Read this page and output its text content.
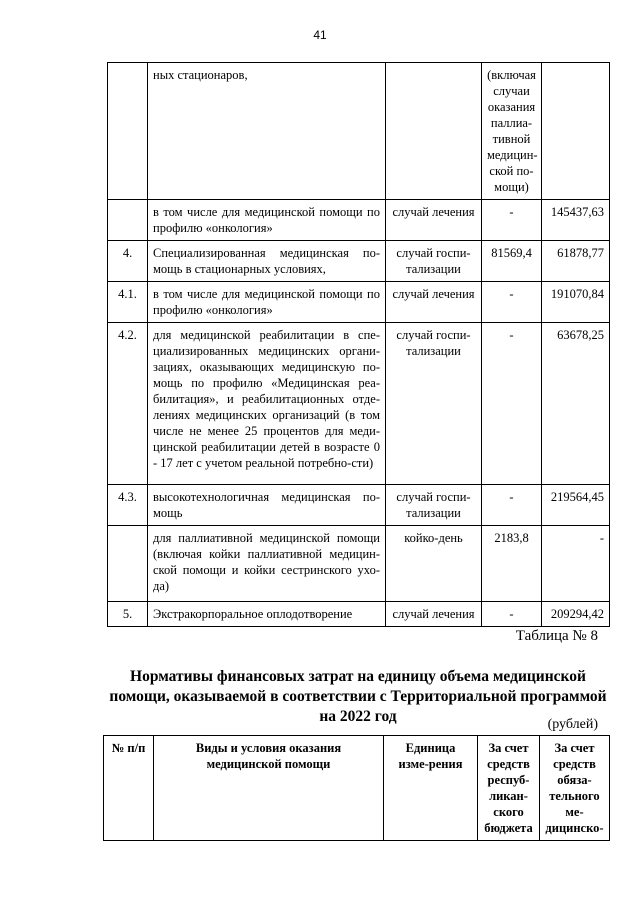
41
	ных стационаров,		(включая случаи оказания паллиа-тивной медицин-ской по-мощи)	
	в том числе для медицинской помощи по профилю «онкология»	случай лечения	-	145437,63
4.	Специализированная медицинская по-мощь в стационарных условиях,	случай госпи-тализации	81569,4	61878,77
4.1.	в том числе для медицинской помощи по профилю «онкология»	случай лечения	-	191070,84
4.2.	для медицинской реабилитации в спе-циализированных медицинских органи-зациях, оказывающих медицинскую по-мощь по профилю «Медицинская реа-билитация», и реабилитационных отде-лениях медицинских организаций (в том числе не менее 25 процентов для меди-цинской реабилитации детей в возрасте 0 - 17 лет с учетом реальной потребно-сти)	случай госпи-тализации	-	63678,25
4.3.	высокотехнологичная медицинская по-мощь	случай госпи-тализации	-	219564,45
	для паллиативной медицинской помощи (включая койки паллиативной медицин-ской помощи и койки сестринского ухо-да)	койко-день	2183,8	-
5.	Экстракорпоральное оплодотворение	случай лечения	-	209294,42
Таблица № 8
Нормативы финансовых затрат на единицу объема медицинской помощи, оказываемой в соответствии с Территориальной программой на 2022 год	(рублей)
№ п/п	Виды и условия оказания медицинской помощи	Единица изме-рения	За счет средств респуб-ликан-ского бюджета	За счет средств обяза-тельного ме-дицинско-
